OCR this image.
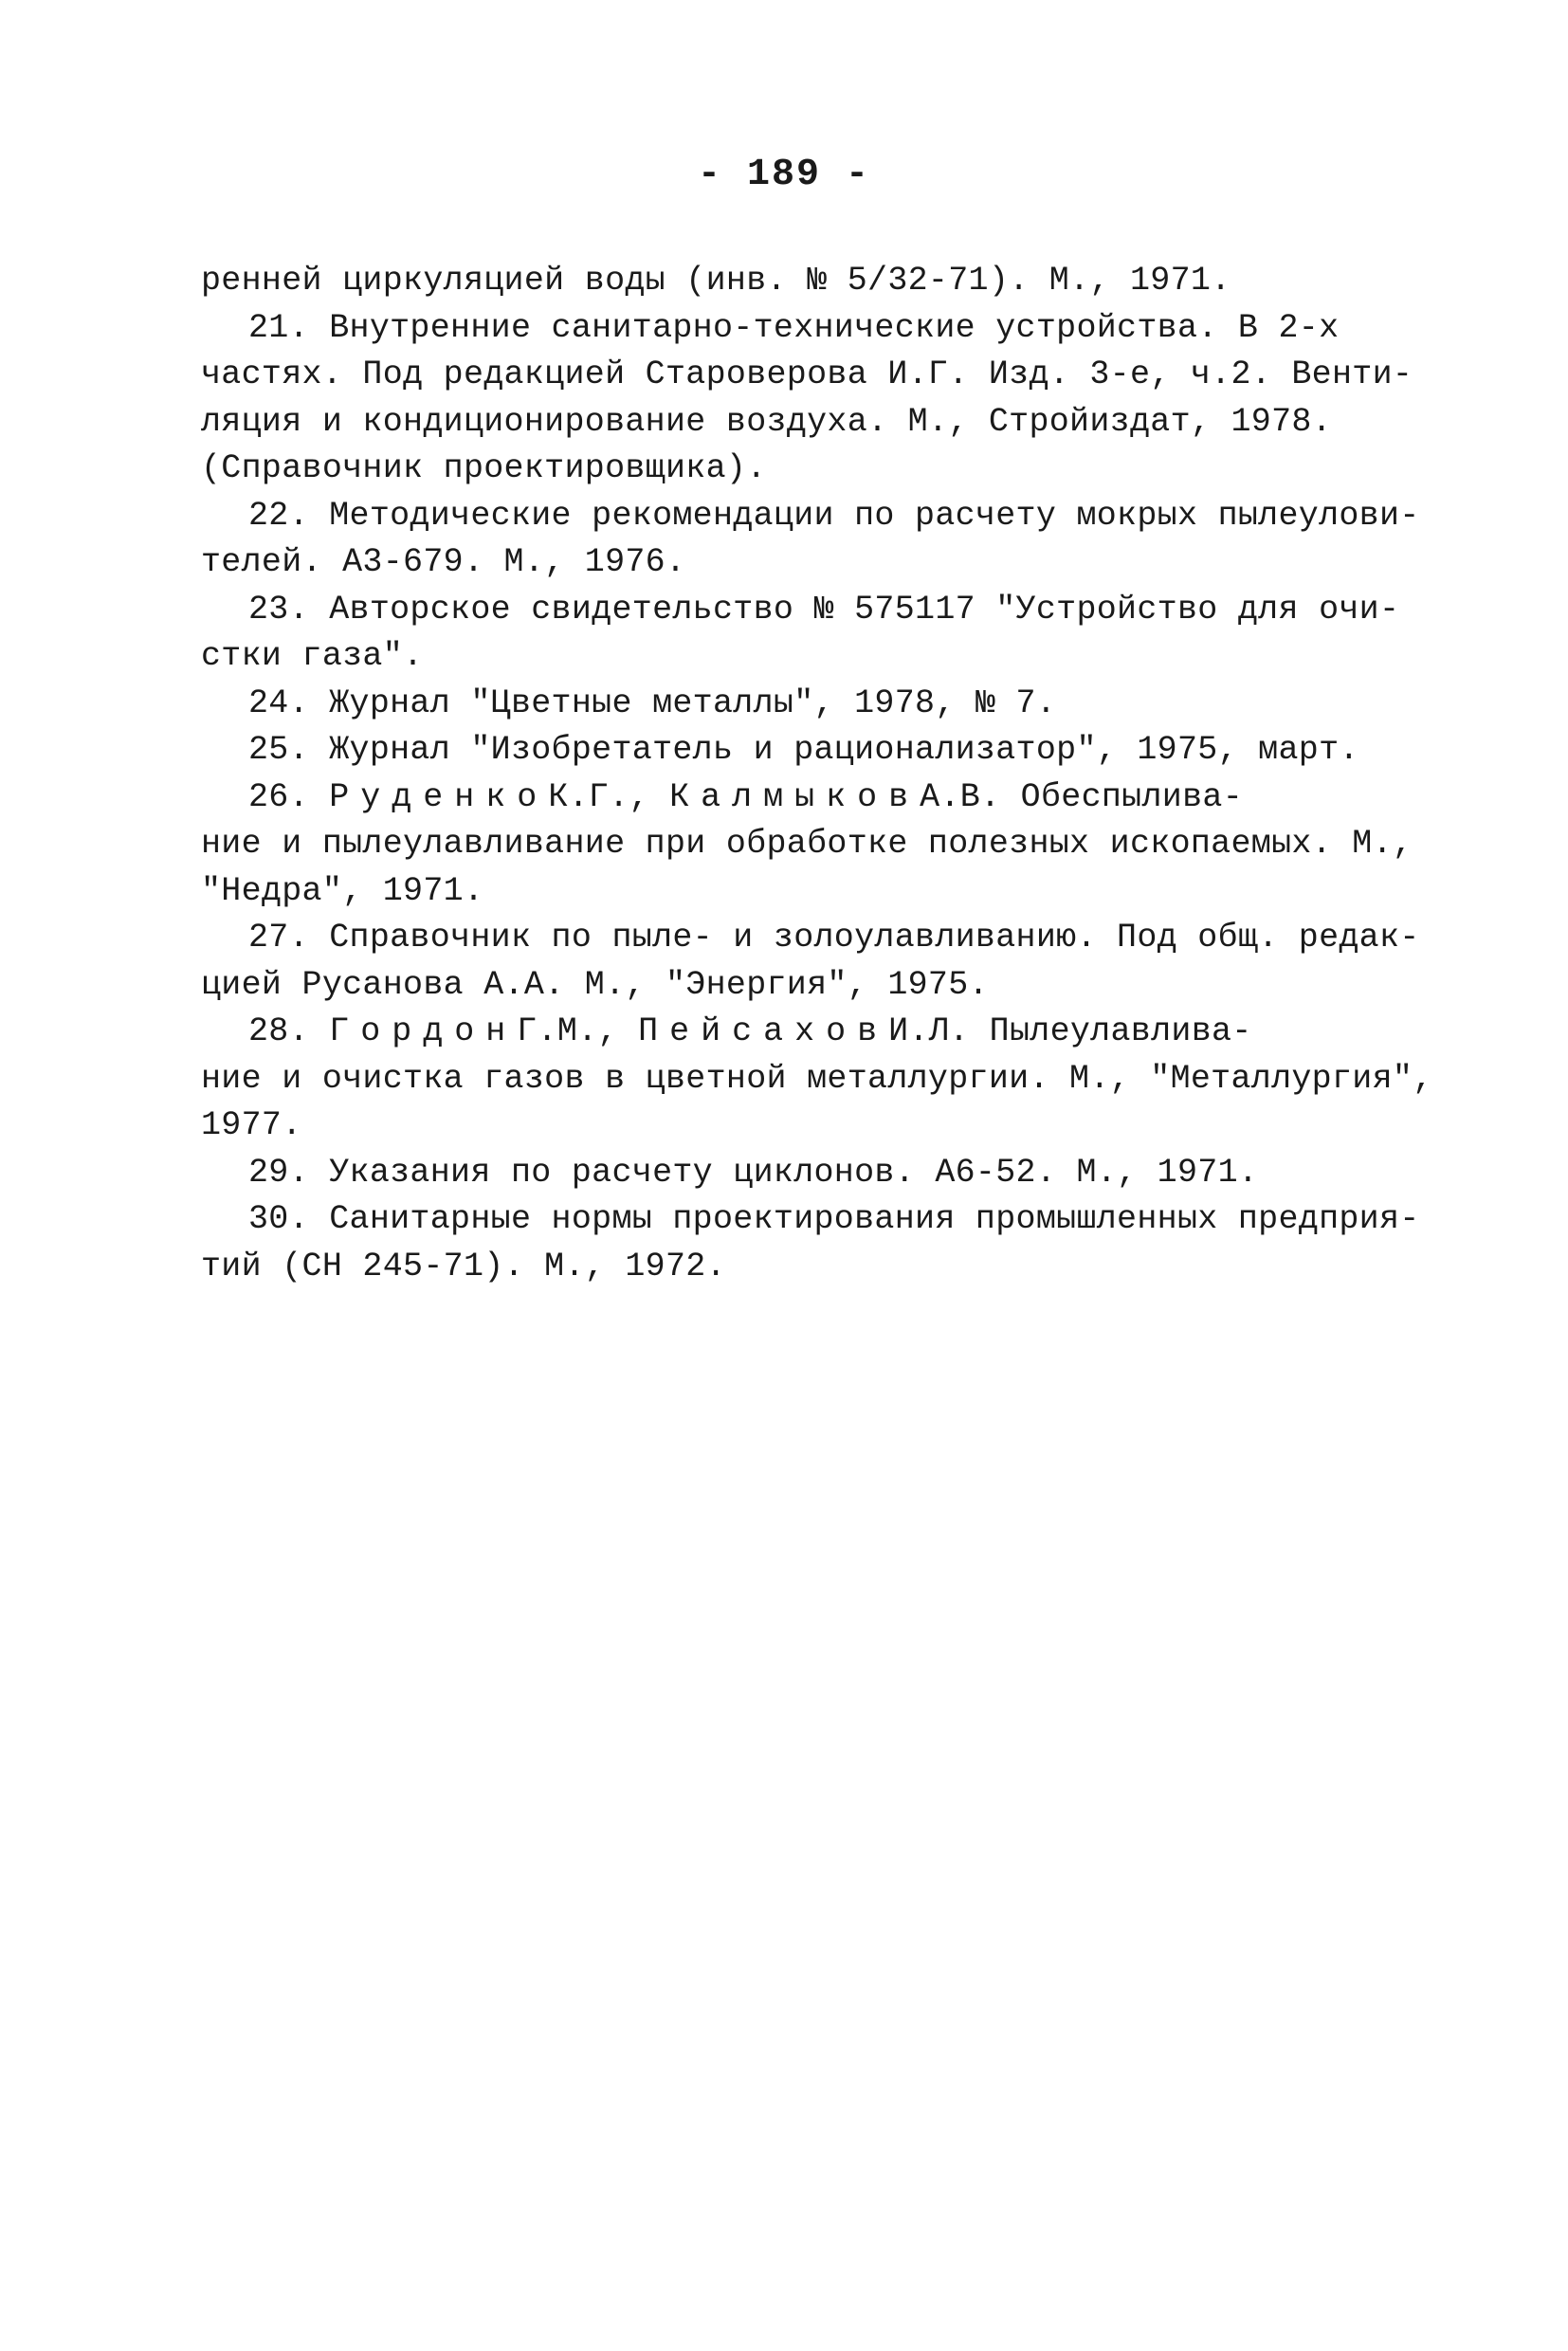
- 189 -
ренней циркуляцией воды (инв. № 5/32-71). М., 1971.
21. Внутренние санитарно-технические устройства. В 2-х
частях. Под редакцией Староверова И.Г. Изд. 3-е, ч.2. Венти-
ляция и кондиционирование воздуха. М., Стройиздат, 1978.
(Справочник проектировщика).
22. Методические рекомендации по расчету мокрых пылеулови-
телей. А3-679. М., 1976.
23. Авторское свидетельство № 575117 "Устройство для очи-
стки газа".
24. Журнал "Цветные металлы", 1978, № 7.
25. Журнал "Изобретатель и рационализатор", 1975, март.
26. РуденкоК.Г., КалмыковА.В. Обеспылива-
ние и пылеулавливание при обработке полезных ископаемых. М.,
"Недра", 1971.
27. Справочник по пыле- и золоулавливанию. Под общ. редак-
цией Русанова А.А. М., "Энергия", 1975.
28. ГордонГ.М., ПейсаховИ.Л. Пылеулавлива-
ние и очистка газов в цветной металлургии. М., "Металлургия",
1977.
29. Указания по расчету циклонов. А6-52. М., 1971.
30. Санитарные нормы проектирования промышленных предприя-
тий (СН 245-71). М., 1972.
